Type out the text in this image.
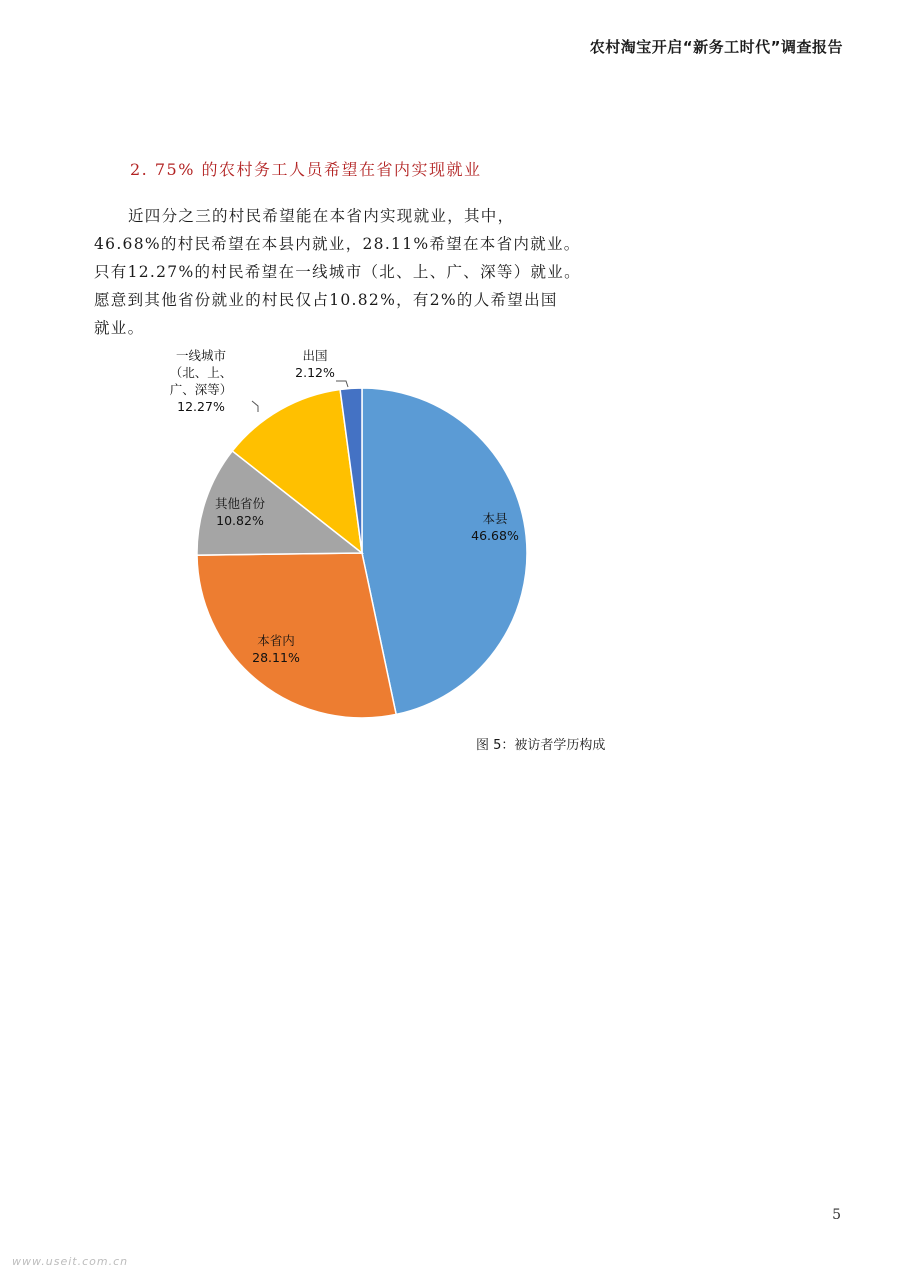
农村淘宝开启“新务工时代”调查报告
2. 75% 的农村务工人员希望在省内实现就业

近四分之三的村民希望能在本省内实现就业，其中，
46.68%的村民希望在本县内就业，28.11%希望在本省内就业。
只有12.27%的村民希望在一线城市（北、上、广、深等）就业。
愿意到其他省份就业的村民仅占10.82%，有2%的人希望出国
就业。

本县
46.68%
本省内
28.11%
其他省份
10.82%
一线城市
（北、上、
广、深等）
12.27%
出国
2.12%
图 5：被访者学历构成
5
www.useit.com.cn
